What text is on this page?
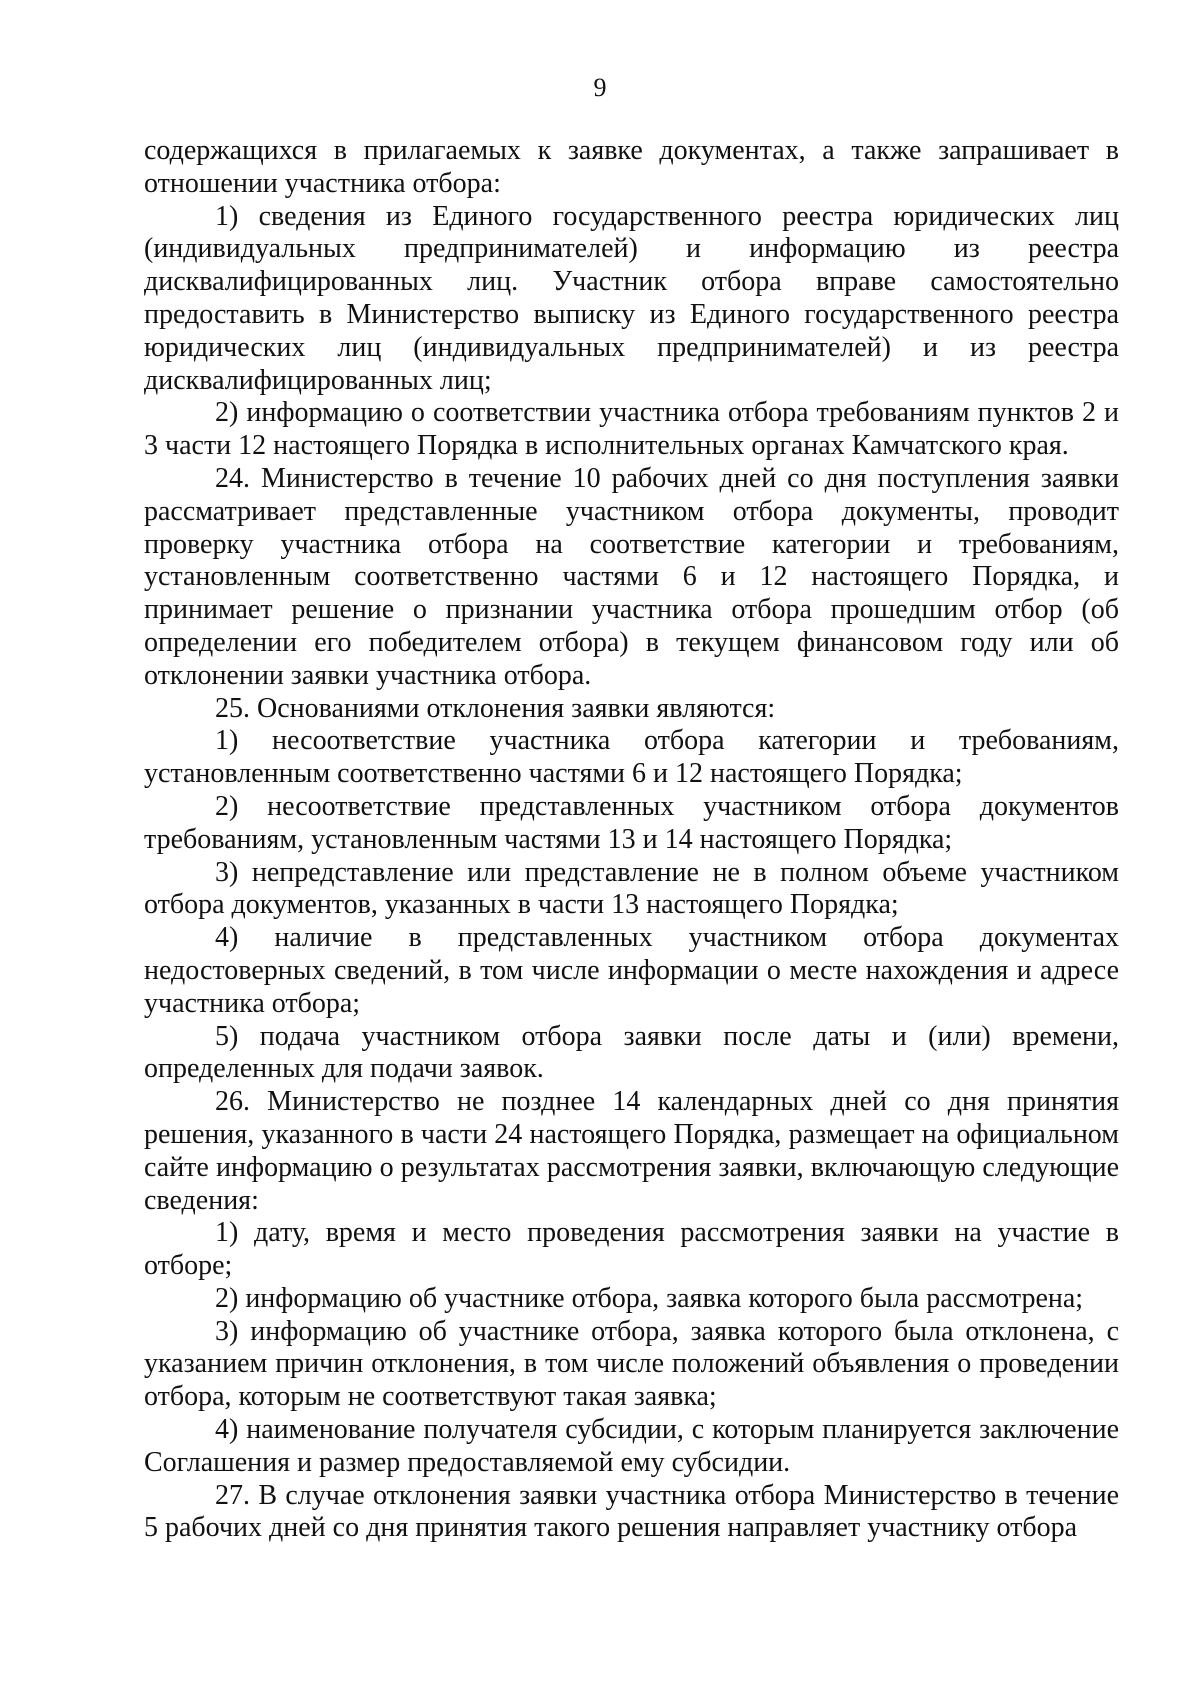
9

содержащихся в прилагаемых к заявке документах, а также запрашивает в отношении участника отбора:

1) сведения из Единого государственного реестра юридических лиц (индивидуальных предпринимателей) и информацию из реестра дисквалифицированных лиц. Участник отбора вправе самостоятельно предоставить в Министерство выписку из Единого государственного реестра юридических лиц (индивидуальных предпринимателей) и из реестра дисквалифицированных лиц;

2) информацию о соответствии участника отбора требованиям пунктов 2 и 3 части 12 настоящего Порядка в исполнительных органах Камчатского края.

24. Министерство в течение 10 рабочих дней со дня поступления заявки рассматривает представленные участником отбора документы, проводит проверку участника отбора на соответствие категории и требованиям, установленным соответственно частями 6 и 12 настоящего Порядка, и принимает решение о признании участника отбора прошедшим отбор (об определении его победителем отбора) в текущем финансовом году или об отклонении заявки участника отбора.

25. Основаниями отклонения заявки являются:

1) несоответствие участника отбора категории и требованиям, установленным соответственно частями 6 и 12 настоящего Порядка;

2) несоответствие представленных участником отбора документов требованиям, установленным частями 13 и 14 настоящего Порядка;

3) непредставление или представление не в полном объеме участником отбора документов, указанных в части 13 настоящего Порядка;

4) наличие в представленных участником отбора документах недостоверных сведений, в том числе информации о месте нахождения и адресе участника отбора;

5) подача участником отбора заявки после даты и (или) времени, определенных для подачи заявок.

26. Министерство не позднее 14 календарных дней со дня принятия решения, указанного в части 24 настоящего Порядка, размещает на официальном сайте информацию о результатах рассмотрения заявки, включающую следующие сведения:

1) дату, время и место проведения рассмотрения заявки на участие в отборе;

2) информацию об участнике отбора, заявка которого была рассмотрена;

3) информацию об участнике отбора, заявка которого была отклонена, с указанием причин отклонения, в том числе положений объявления о проведении отбора, которым не соответствуют такая заявка;

4) наименование получателя субсидии, с которым планируется заключение Соглашения и размер предоставляемой ему субсидии.

27. В случае отклонения заявки участника отбора Министерство в течение 5 рабочих дней со дня принятия такого решения направляет участнику отбора
